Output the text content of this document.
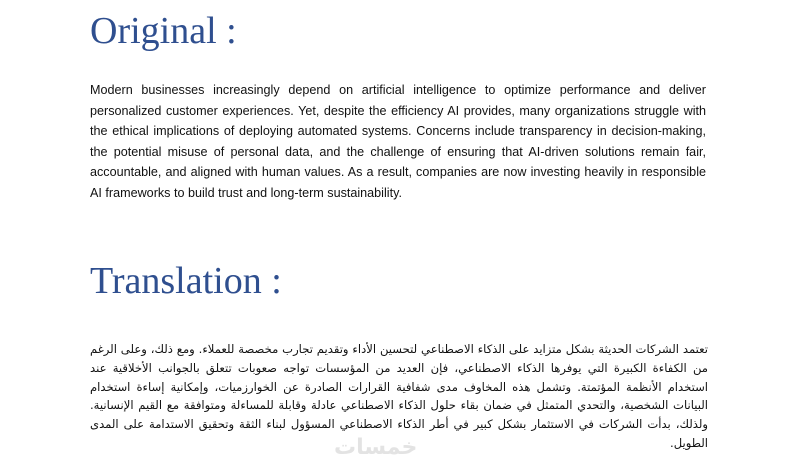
Original :

Modern businesses increasingly depend on artificial intelligence to optimize performance and deliver personalized customer experiences. Yet, despite the efficiency AI provides, many organizations struggle with the ethical implications of deploying automated systems. Concerns include transparency in decision-making, the potential misuse of personal data, and the challenge of ensuring that AI-driven solutions remain fair, accountable, and aligned with human values. As a result, companies are now investing heavily in responsible AI frameworks to build trust and long-term sustainability.

Translation :

تعتمد الشركات الحديثة بشكل متزايد على الذكاء الاصطناعي لتحسين الأداء وتقديم تجارب مخصصة للعملاء. ومع ذلك، وعلى الرغم من الكفاءة الكبيرة التي يوفرها الذكاء الاصطناعي، فإن العديد من المؤسسات تواجه صعوبات تتعلق بالجوانب الأخلاقية عند استخدام الأنظمة المؤتمتة. وتشمل هذه المخاوف مدى شفافية القرارات الصادرة عن الخوارزميات، وإمكانية إساءة استخدام البيانات الشخصية، والتحدي المتمثل في ضمان بقاء حلول الذكاء الاصطناعي عادلة وقابلة للمساءلة ومتوافقة مع القيم الإنسانية. ولذلك، بدأت الشركات في الاستثمار بشكل كبير في أطر الذكاء الاصطناعي المسؤول لبناء الثقة وتحقيق الاستدامة على المدى الطويل.

خمسات
